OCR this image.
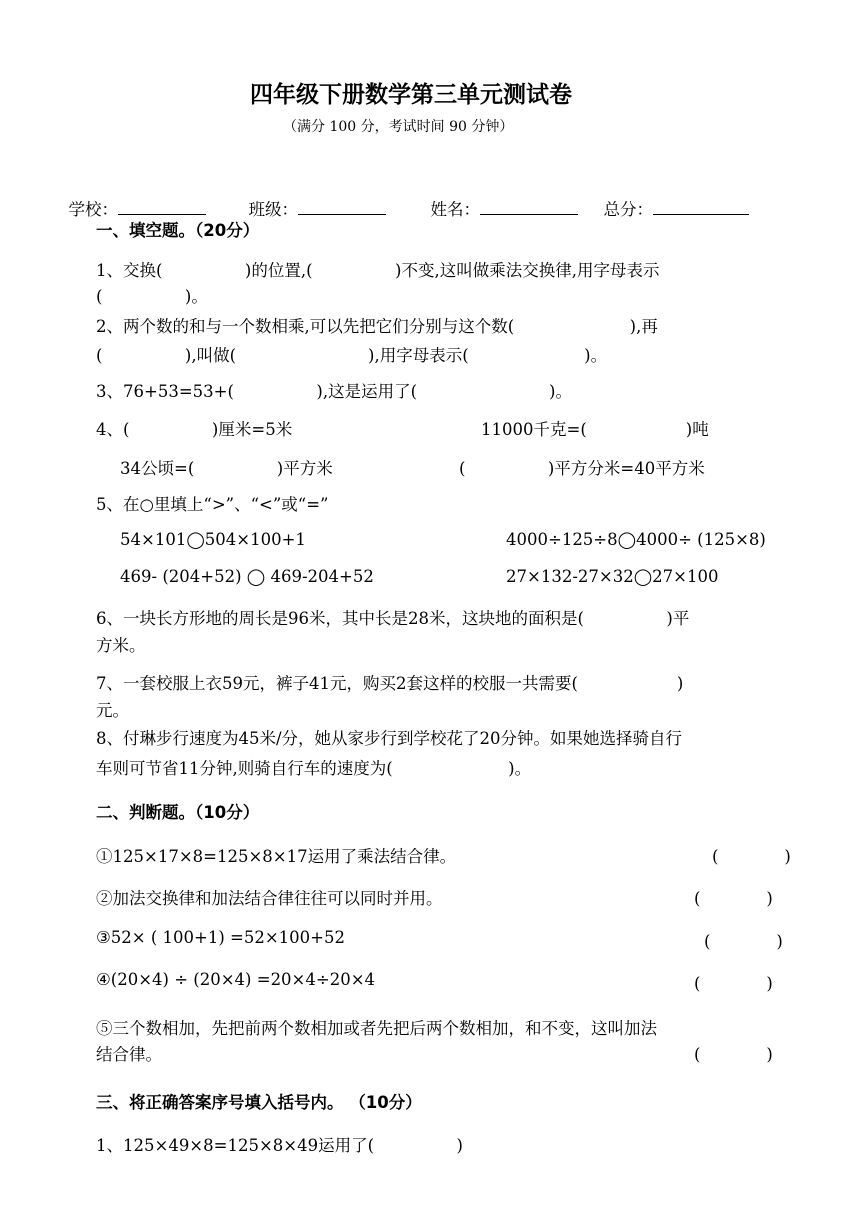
四年级下册数学第三单元测试卷
（满分 100 分，考试时间 90 分钟）

学校：	班级：	姓名：	总分：

一、填空题。（20分）
1、交换(　　　　　)的位置,(　　　　　)不变,这叫做乘法交换律,用字母表示
(　　　　　)。
2、两个数的和与一个数相乘,可以先把它们分别与这个数(　　　　　　　),再
(　　　　　),叫做(　　　　　　　　),用字母表示(　　　　　　　)。
3、76+53=53+(　　　　　),这是运用了(　　　　　　　　)。
4、(　　　　　)厘米=5米	11000千克=(　　　　　　)吨
34公顷=(　　　　　)平方米	(　　　　　)平方分米=40平方米
5、在○里填上“>”、“<”或“=”
54×101◯504×100+1	4000÷125÷8◯4000÷ (125×8)
469- (204+52) ◯ 469-204+52	27×132-27×32◯27×100
6、一块长方形地的周长是96米，其中长是28米，这块地的面积是(　　　　　)平
方米。
7、一套校服上衣59元，裤子41元，购买2套这样的校服一共需要(　　　　　　)
元。
8、付琳步行速度为45米/分，她从家步行到学校花了20分钟。如果她选择骑自行
车则可节省11分钟,则骑自行车的速度为(　　　　　　　)。
二、判断题。（10分）
①125×17×8=125×8×17运用了乘法结合律。	(　　　　)
②加法交换律和加法结合律往往可以同时并用。	(　　　　)
③52× ( 100+1) =52×100+52	(　　　　)
④(20×4) ÷ (20×4) =20×4÷20×4	(　　　　)
⑤三个数相加，先把前两个数相加或者先把后两个数相加，和不变，这叫加法
结合律。	(　　　　)
三、将正确答案序号填入括号内。 （10分）
1、125×49×8=125×8×49运用了(　　　　　)
